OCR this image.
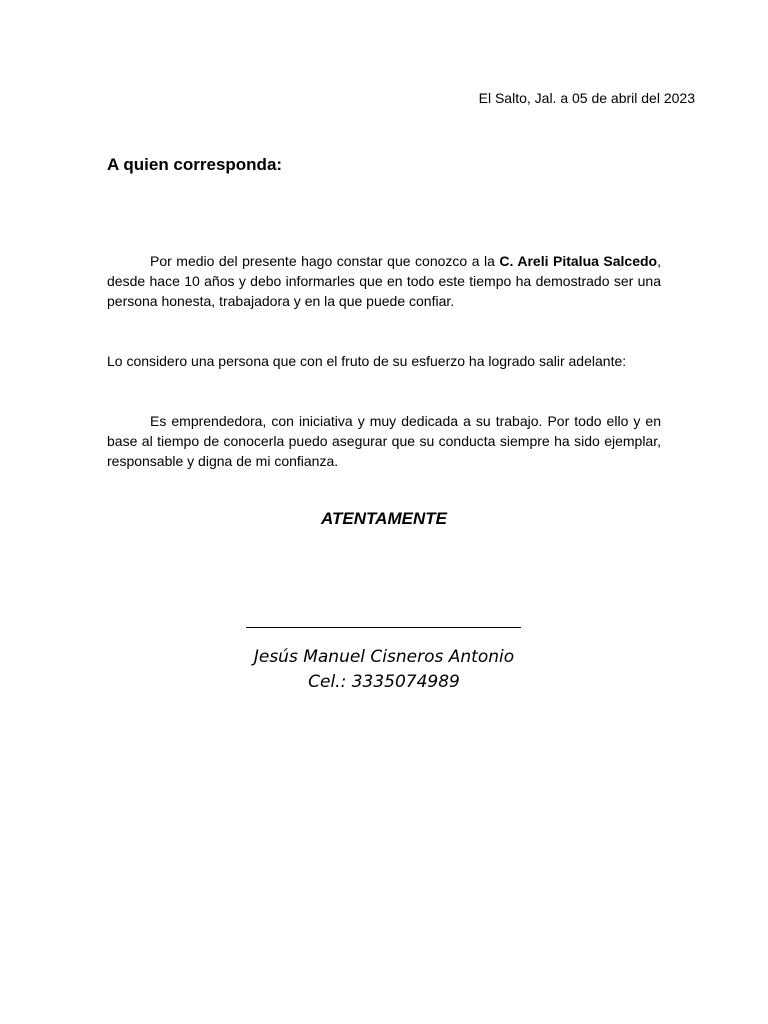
El Salto, Jal. a 05 de abril del 2023
A quien corresponda:

Por medio del presente hago constar que conozco a la C. Areli Pitalua Salcedo, desde hace 10 años y debo informarles que en todo este tiempo ha demostrado ser una persona honesta, trabajadora y en la que puede confiar.

Lo considero una persona que con el fruto de su esfuerzo ha logrado salir adelante:

Es emprendedora, con iniciativa y muy dedicada a su trabajo. Por todo ello y en base al tiempo de conocerla puedo asegurar que su conducta siempre ha sido ejemplar, responsable y digna de mi confianza.

ATENTAMENTE
Jesús Manuel Cisneros Antonio
Cel.: 3335074989
